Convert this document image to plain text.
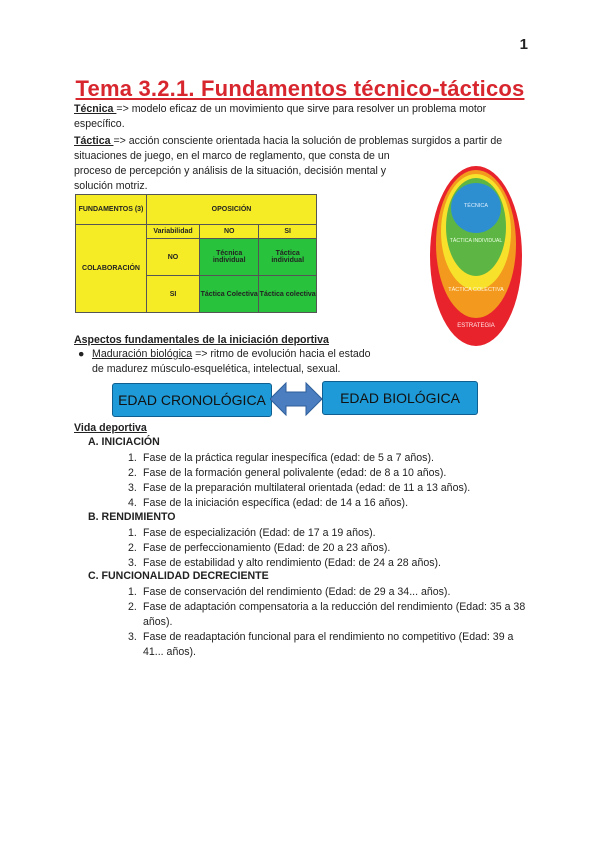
1
Tema 3.2.1. Fundamentos técnico-tácticos
Técnica => modelo eficaz de un movimiento que sirve para resolver un problema motor
específico.
Táctica => acción consciente orientada hacia la solución de problemas surgidos a partir de
situaciones de juego, en el marco de reglamento, que consta de un
proceso de percepción y análisis de la situación, decisión mental y
solución motriz.
FUNDAMENTOS (3)	OPOSICIÓN		
COLABORACIÓN	Variabilidad	NO	SI
	NO	Técnica individual	Táctica individual
	SI	Táctica Colectiva	Táctica colectiva
TÉCNICA
TÁCTICA INDIVIDUAL
TÁCTICA COLECTIVA
ESTRATEGIA
Aspectos fundamentales de la iniciación deportiva
● Maduración biológica => ritmo de evolución hacia el estado
de madurez músculo-esquelética, intelectual, sexual.
EDAD CRONOLÓGICA	EDAD BIOLÓGICA
Vida deportiva
A. INICIACIÓN
1. Fase de la práctica regular inespecífica (edad: de 5 a 7 años).
2. Fase de la formación general polivalente (edad: de 8 a 10 años).
3. Fase de la preparación multilateral orientada (edad: de 11 a 13 años).
4. Fase de la iniciación específica (edad: de 14 a 16 años).
B. RENDIMIENTO
1. Fase de especialización (Edad: de 17 a 19 años).
2. Fase de perfeccionamiento (Edad: de 20 a 23 años).
3. Fase de estabilidad y alto rendimiento (Edad: de 24 a 28 años).
C. FUNCIONALIDAD DECRECIENTE
1. Fase de conservación del rendimiento (Edad: de 29 a 34... años).
2. Fase de adaptación compensatoria a la reducción del rendimiento (Edad: 35 a 38 años).
3. Fase de readaptación funcional para el rendimiento no competitivo (Edad: 39 a 41... años).
